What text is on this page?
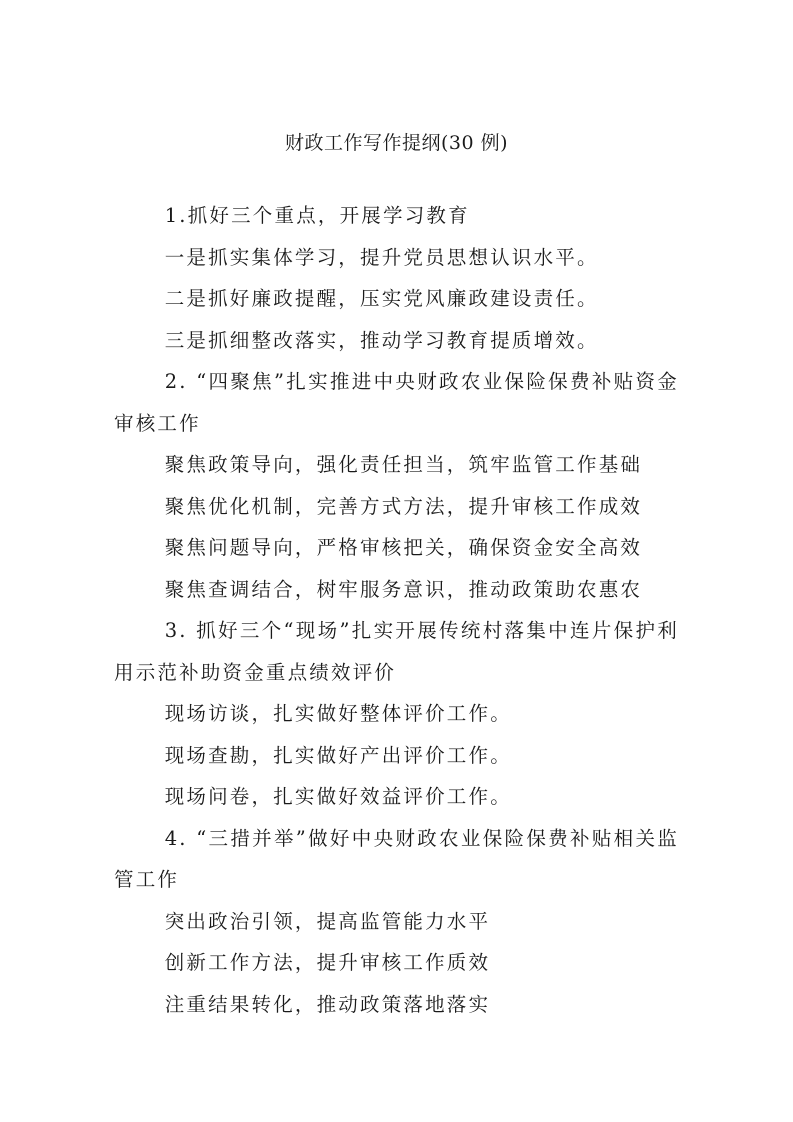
财政工作写作提纲(30 例)

1.抓好三个重点，开展学习教育

一是抓实集体学习，提升党员思想认识水平。

二是抓好廉政提醒，压实党风廉政建设责任。

三是抓细整改落实，推动学习教育提质增效。

2. “四聚焦”扎实推进中央财政农业保险保费补贴资金审核工作

聚焦政策导向，强化责任担当，筑牢监管工作基础

聚焦优化机制，完善方式方法，提升审核工作成效

聚焦问题导向，严格审核把关，确保资金安全高效

聚焦查调结合，树牢服务意识，推动政策助农惠农

3. 抓好三个“现场”扎实开展传统村落集中连片保护利用示范补助资金重点绩效评价

现场访谈，扎实做好整体评价工作。

现场查勘，扎实做好产出评价工作。

现场问卷，扎实做好效益评价工作。

4. “三措并举”做好中央财政农业保险保费补贴相关监管工作

突出政治引领，提高监管能力水平

创新工作方法，提升审核工作质效

注重结果转化，推动政策落地落实
